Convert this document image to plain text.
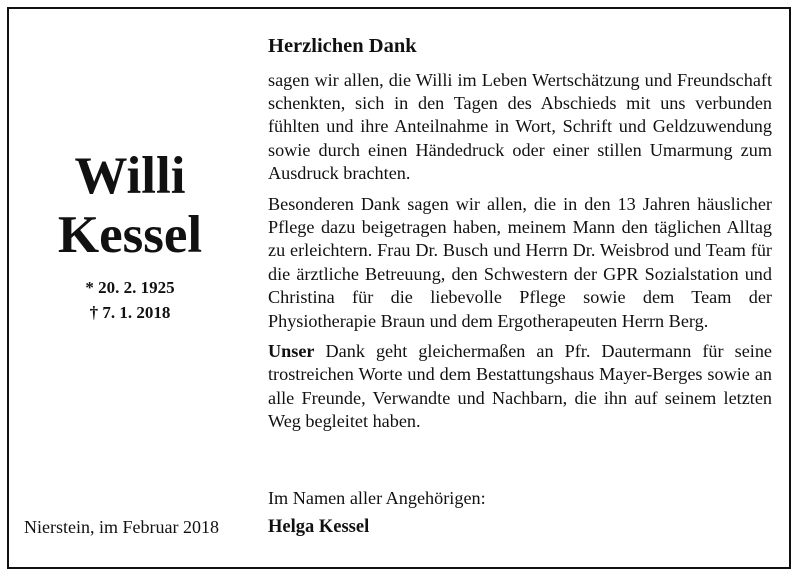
Willi
Kessel
* 20. 2. 1925
† 7. 1. 2018
Nierstein, im Februar 2018
Herzlichen Dank

sagen wir allen, die Willi im Leben Wertschätzung und Freundschaft schenkten, sich in den Tagen des Abschieds mit uns verbunden fühlten und ihre Anteilnahme in Wort, Schrift und Geldzuwendung sowie durch einen Händedruck oder einer stillen Umarmung zum Ausdruck brachten.

Besonderen Dank sagen wir allen, die in den 13 Jahren häuslicher Pflege dazu beigetragen haben, meinem Mann den täglichen Alltag zu erleichtern. Frau Dr. Busch und Herrn Dr. Weisbrod und Team für die ärztliche Betreuung, den Schwestern der GPR Sozialstation und Christina für die liebevolle Pflege sowie dem Team der Physiotherapie Braun und dem Ergotherapeuten Herrn Berg.

Unser Dank geht gleichermaßen an Pfr. Dautermann für seine trostreichen Worte und dem Bestattungshaus Mayer-Berges sowie an alle Freunde, Verwandte und Nachbarn, die ihn auf seinem letzten Weg begleitet haben.

Im Namen aller Angehörigen:
Helga Kessel
